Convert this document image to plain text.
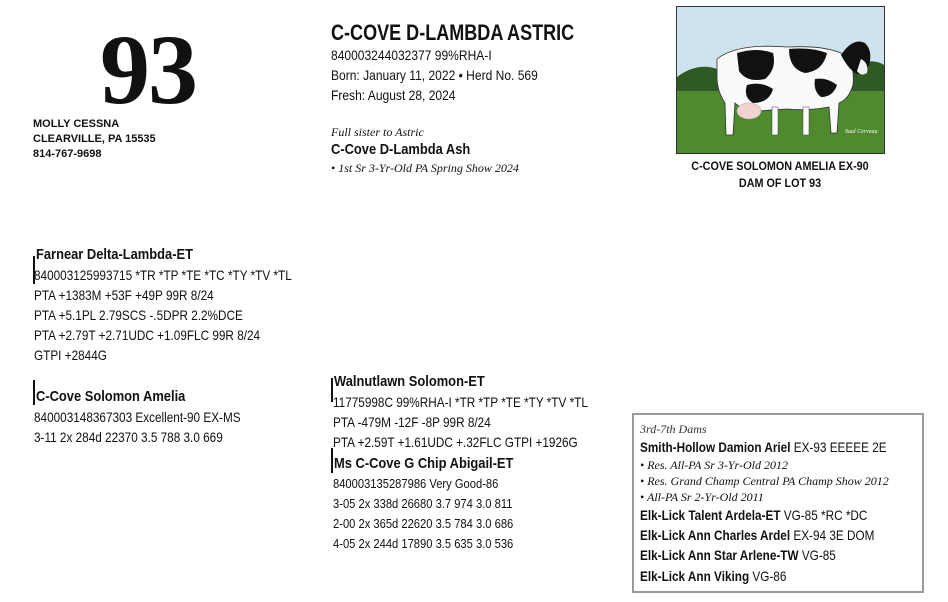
93
MOLLY CESSNA
CLEARVILLE, PA 15535
814-767-9698
C-COVE D-LAMBDA ASTRIC
840003244032377 99%RHA-I
Born: January 11, 2022 • Herd No. 569
Fresh: August 28, 2024
Full sister to Astric
C-Cove D-Lambda Ash
• 1st Sr 3-Yr-Old PA Spring Show 2024
Saul Cerveau
C-COVE SOLOMON AMELIA EX-90
DAM OF LOT 93
Farnear Delta-Lambda-ET
840003125993715 *TR *TP *TE *TC *TY *TV *TL
PTA +1383M +53F +49P 99R 8/24
PTA +5.1PL 2.79SCS -.5DPR 2.2%DCE
PTA +2.79T +2.71UDC +1.09FLC 99R 8/24
GTPI +2844G
C-Cove Solomon Amelia
840003148367303 Excellent-90 EX-MS
3-11 2x 284d 22370 3.5 788 3.0 669
Walnutlawn Solomon-ET
11775998C 99%RHA-I *TR *TP *TE *TY *TV *TL
PTA -479M -12F -8P 99R 8/24
PTA +2.59T +1.61UDC +.32FLC GTPI +1926G
Ms C-Cove G Chip Abigail-ET
840003135287986 Very Good-86
3-05 2x 338d 26680 3.7 974 3.0 811
2-00 2x 365d 22620 3.5 784 3.0 686
4-05 2x 244d 17890 3.5 635 3.0 536
3rd-7th Dams
Smith-Hollow Damion Ariel EX-93 EEEEE 2E
• Res. All-PA Sr 3-Yr-Old 2012
• Res. Grand Champ Central PA Champ Show 2012
• All-PA Sr 2-Yr-Old 2011
Elk-Lick Talent Ardela-ET VG-85 *RC *DC
Elk-Lick Ann Charles Ardel EX-94 3E DOM
Elk-Lick Ann Star Arlene-TW VG-85
Elk-Lick Ann Viking VG-86
